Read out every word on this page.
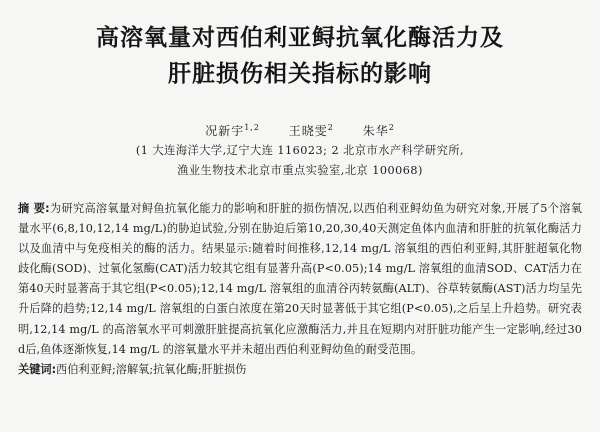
高溶氧量对西伯利亚鲟抗氧化酶活力及
肝脏损伤相关指标的影响
况新宇$^{1,2}$ 王晓雯$^2$ 朱华$^2$
(1 大连海洋大学,辽宁大连 116023; 2 北京市水产科学研究所,
渔业生物技术北京市重点实验室,北京 100068)
摘 要:为研究高溶氧量对鲟鱼抗氧化能力的影响和肝脏的损伤情况,以西伯利亚鲟幼鱼为研究对象,开展了5个溶氧量水平(6,8,10,12,14 mg/L)的胁迫试验,分别在胁迫后第10,20,30,40天测定鱼体内血清和肝脏的抗氧化酶活力以及血清中与免疫相关的酶的活力。结果显示:随着时间推移,12,14 mg/L 溶氧组的西伯利亚鲟,其肝脏超氧化物歧化酶(SOD)、过氧化氢酶(CAT)活力较其它组有显著升高(P<0.05);14 mg/L 溶氧组的血清SOD、CAT活力在第40天时显著高于其它组(P<0.05);12,14 mg/L 溶氧组的血清谷丙转氨酶(ALT)、谷草转氨酶(AST)活力均呈先升后降的趋势;12,14 mg/L 溶氧组的白蛋白浓度在第20天时显著低于其它组(P<0.05),之后呈上升趋势。研究表明,12,14 mg/L 的高溶氧水平可刺激肝脏提高抗氧化应激酶活力,并且在短期内对肝脏功能产生一定影响,经过30 d后,鱼体逐渐恢复,14 mg/L 的溶氧量水平并未超出西伯利亚鲟幼鱼的耐受范围。
关键词:西伯利亚鲟;溶解氧;抗氧化酶;肝脏损伤
